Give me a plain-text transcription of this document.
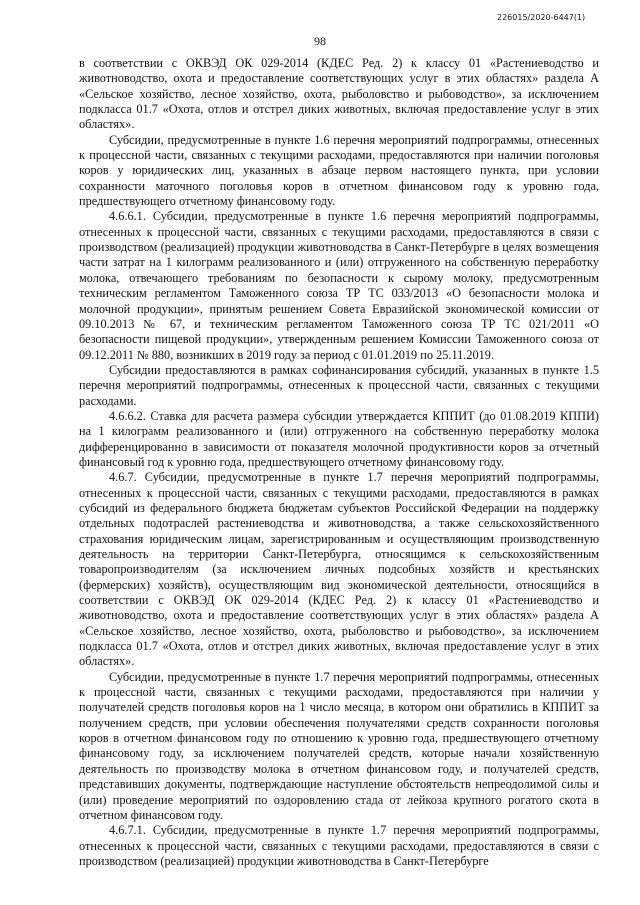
226015/2020-6447(1)
98

в соответствии с ОКВЭД ОК 029-2014 (КДЕС Ред. 2) к классу 01 «Растениеводство и животноводство, охота и предоставление соответствующих услуг в этих областях» раздела А «Сельское хозяйство, лесное хозяйство, охота, рыболовство и рыбоводство», за исключением подкласса 01.7 «Охота, отлов и отстрел диких животных, включая предоставление услуг в этих областях».

Субсидии, предусмотренные в пункте 1.6 перечня мероприятий подпрограммы, отнесенных к процессной части, связанных с текущими расходами, предоставляются при наличии поголовья коров у юридических лиц, указанных в абзаце первом настоящего пункта, при условии сохранности маточного поголовья коров в отчетном финансовом году к уровню года, предшествующего отчетному финансовому году.

4.6.6.1. Субсидии, предусмотренные в пункте 1.6 перечня мероприятий подпрограммы, отнесенных к процессной части, связанных с текущими расходами, предоставляются в связи с производством (реализацией) продукции животноводства в Санкт-Петербурге в целях возмещения части затрат на 1 килограмм реализованного и (или) отгруженного на собственную переработку молока, отвечающего требованиям по безопасности к сырому молоку, предусмотренным техническим регламентом Таможенного союза ТР ТС 033/2013 «О безопасности молока и молочной продукции», принятым решением Совета Евразийской экономической комиссии от 09.10.2013 № 67, и техническим регламентом Таможенного союза ТР ТС 021/2011 «О безопасности пищевой продукции», утвержденным решением Комиссии Таможенного союза от 09.12.2011 № 880, возникших в 2019 году за период с 01.01.2019 по 25.11.2019.

Субсидии предоставляются в рамках софинансирования субсидий, указанных в пункте 1.5 перечня мероприятий подпрограммы, отнесенных к процессной части, связанных с текущими расходами.

4.6.6.2. Ставка для расчета размера субсидии утверждается КППИТ (до 01.08.2019 КППИ) на 1 килограмм реализованного и (или) отгруженного на собственную переработку молока дифференцированно в зависимости от показателя молочной продуктивности коров за отчетный финансовый год к уровню года, предшествующего отчетному финансовому году.

4.6.7. Субсидии, предусмотренные в пункте 1.7 перечня мероприятий подпрограммы, отнесенных к процессной части, связанных с текущими расходами, предоставляются в рамках субсидий из федерального бюджета бюджетам субъектов Российской Федерации на поддержку отдельных подотраслей растениеводства и животноводства, а также сельскохозяйственного страхования юридическим лицам, зарегистрированным и осуществляющим производственную деятельность на территории Санкт-Петербурга, относящимся к сельскохозяйственным товаропроизводителям (за исключением личных подсобных хозяйств и крестьянских (фермерских) хозяйств), осуществляющим вид экономической деятельности, относящийся в соответствии с ОКВЭД ОК 029-2014 (КДЕС Ред. 2) к классу 01 «Растениеводство и животноводство, охота и предоставление соответствующих услуг в этих областях» раздела А «Сельское хозяйство, лесное хозяйство, охота, рыболовство и рыбоводство», за исключением подкласса 01.7 «Охота, отлов и отстрел диких животных, включая предоставление услуг в этих областях».

Субсидии, предусмотренные в пункте 1.7 перечня мероприятий подпрограммы, отнесенных к процессной части, связанных с текущими расходами, предоставляются при наличии у получателей средств поголовья коров на 1 число месяца, в котором они обратились в КППИТ за получением средств, при условии обеспечения получателями средств сохранности поголовья коров в отчетном финансовом году по отношению к уровню года, предшествующего отчетному финансовому году, за исключением получателей средств, которые начали хозяйственную деятельность по производству молока в отчетном финансовом году, и получателей средств, представивших документы, подтверждающие наступление обстоятельств непреодолимой силы и (или) проведение мероприятий по оздоровлению стада от лейкоза крупного рогатого скота в отчетном финансовом году.

4.6.7.1. Субсидии, предусмотренные в пункте 1.7 перечня мероприятий подпрограммы, отнесенных к процессной части, связанных с текущими расходами, предоставляются в связи с производством (реализацией) продукции животноводства в Санкт-Петербурге
